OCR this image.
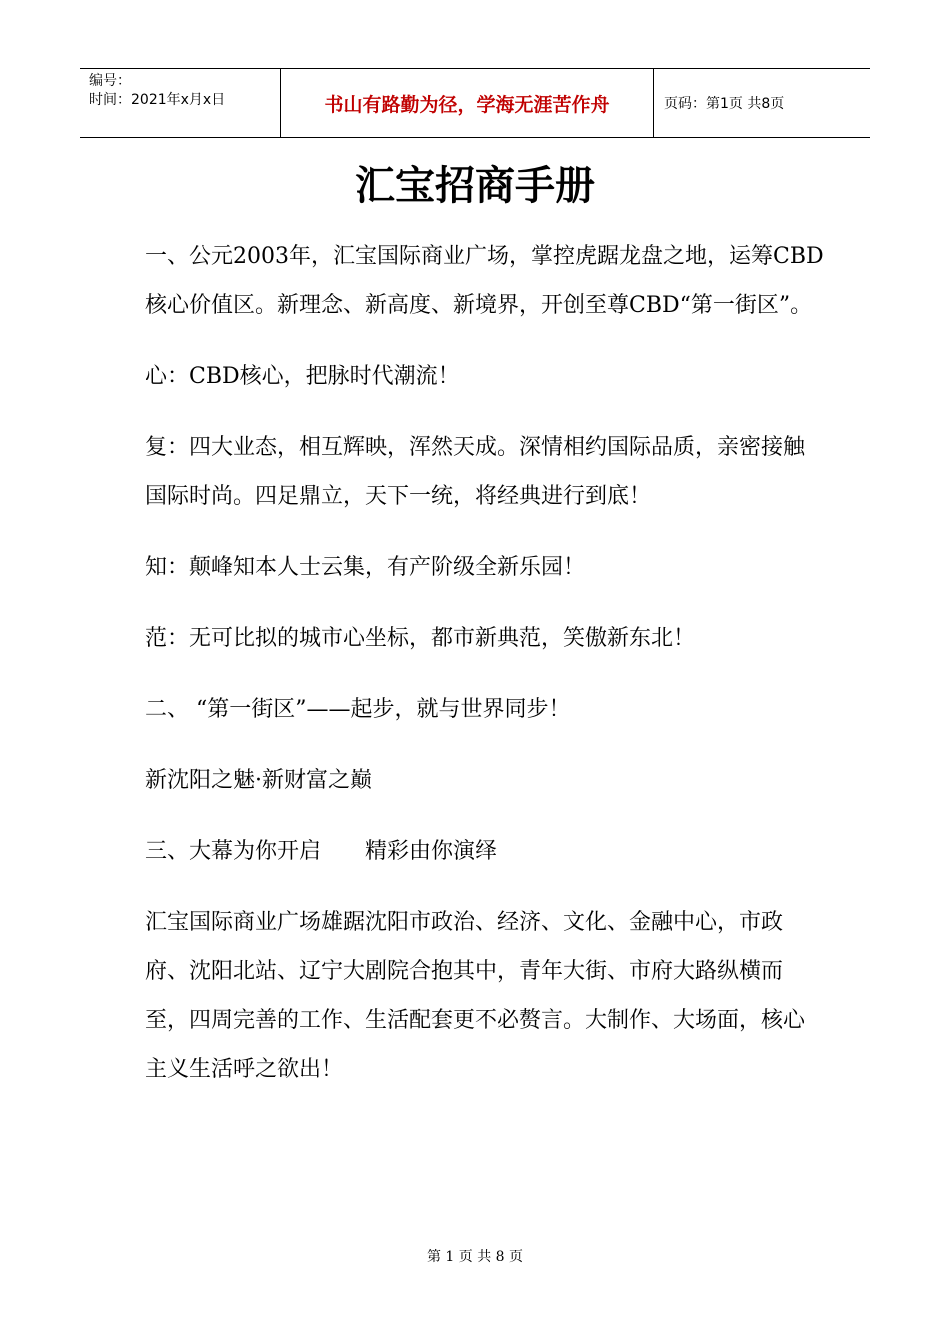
编号：
时间：2021年x月x日	书山有路勤为径，学海无涯苦作舟	页码：第1页 共8页
汇宝招商手册

一、公元2003年，汇宝国际商业广场，掌控虎踞龙盘之地，运筹CBD核心价值区。新理念、新高度、新境界，开创至尊CBD“第一街区”。

心：CBD核心，把脉时代潮流！

复：四大业态，相互辉映，浑然天成。深情相约国际品质，亲密接触国际时尚。四足鼎立，天下一统，将经典进行到底！

知：颠峰知本人士云集，有产阶级全新乐园！

范：无可比拟的城市心坐标，都市新典范，笑傲新东北！

二、 “第一街区”——起步，就与世界同步！

新沈阳之魅·新财富之巅

三、大幕为你开启　　精彩由你演绎

汇宝国际商业广场雄踞沈阳市政治、经济、文化、金融中心，市政府、沈阳北站、辽宁大剧院合抱其中，青年大街、市府大路纵横而至，四周完善的工作、生活配套更不必赘言。大制作、大场面，核心主义生活呼之欲出！

第 1 页 共 8 页
